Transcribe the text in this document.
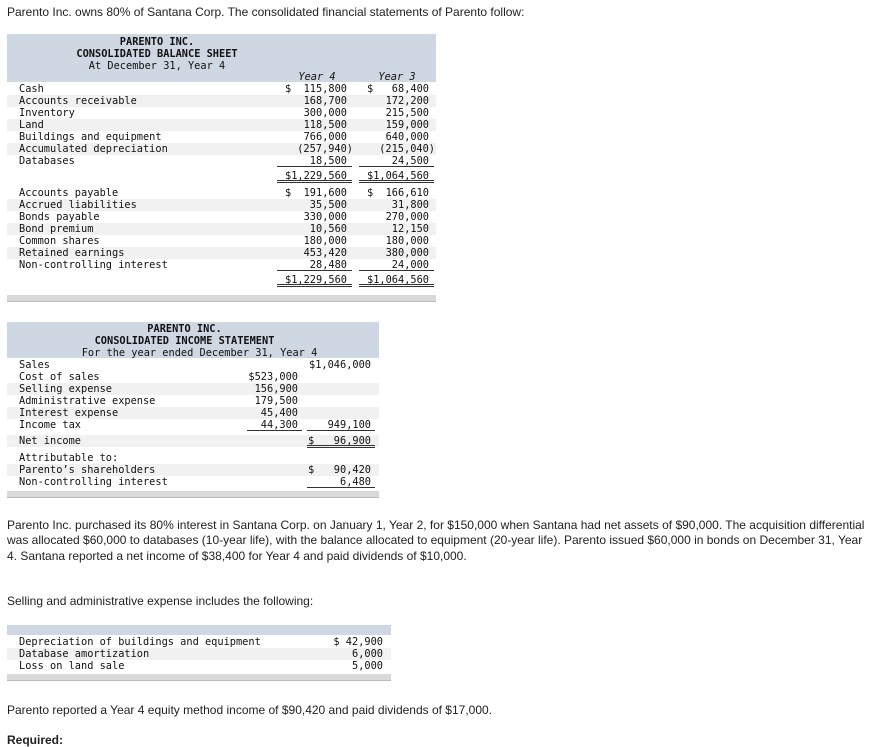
Parento Inc. owns 80% of Santana Corp. The consolidated financial statements of Parento follow:

PARENTO INC.
CONSOLIDATED BALANCE SHEET
At December 31, Year 4
Year 4	Year 3
Cash	$  115,800 $   68,400
Accounts receivable	168,700	172,200
Inventory	300,000	215,500
Land	118,500	159,000
Buildings and equipment	766,000	640,000
Accumulated depreciation	(257,940)	(215,040)
Databases	18,500	24,500
$1,229,560 $1,064,560
Accounts payable	$  191,600 $  166,610
Accrued liabilities	35,500	31,800
Bonds payable	330,000	270,000
Bond premium	10,560	12,150
Common shares	180,000	180,000
Retained earnings	453,420	380,000
Non-controlling interest	28,480	24,000
$1,229,560 $1,064,560
PARENTO INC.
CONSOLIDATED INCOME STATEMENT
For the year ended December 31, Year 4
Sales	$1,046,000
Cost of sales	$523,000
Selling expense	156,900
Administrative expense	179,500
Interest expense	45,400
Income tax	44,300	949,100
Net income	$ 96,900
Attributable to:
Parento’s shareholders	$ 90,420
Non-controlling interest	6,480

Parento Inc. purchased its 80% interest in Santana Corp. on January 1, Year 2, for $150,000 when Santana had net assets of $90,000. The acquisition differential was allocated $60,000 to databases (10-year life), with the balance allocated to equipment (20-year life). Parento issued $60,000 in bonds on December 31, Year 4. Santana reported a net income of $38,400 for Year 4 and paid dividends of $10,000.

Selling and administrative expense includes the following:

Depreciation of buildings and equipment	$ 42,900
Database amortization	6,000
Loss on land sale	5,000

Parento reported a Year 4 equity method income of $90,420 and paid dividends of $17,000.

Required:
